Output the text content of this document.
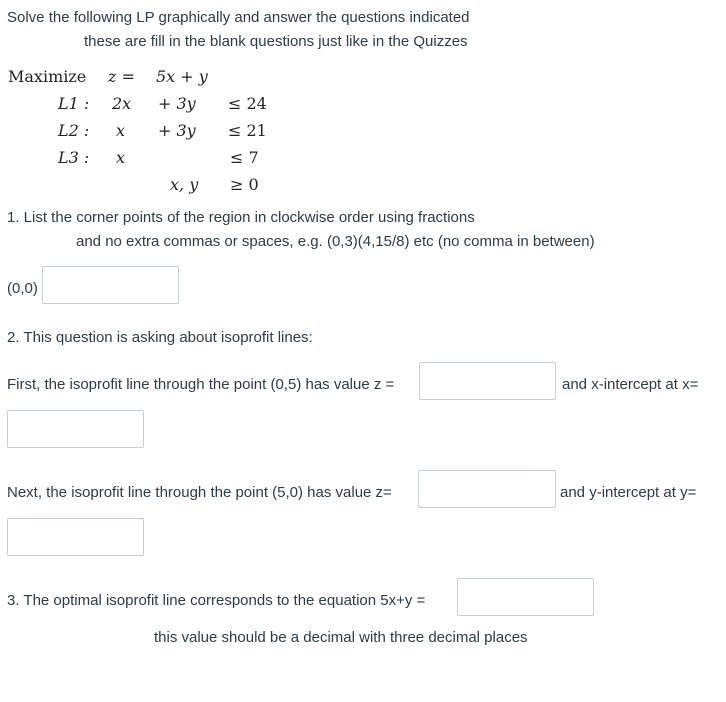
Solve the following LP graphically and answer the questions indicated
these are fill in the blank questions just like in the Quizzes
Maximize z = 5x + y
L1 : 2x + 3y ≤ 24
L2 : x + 3y ≤ 21
L3 : x	≤ 7
x, y ≥ 0
1. List the corner points of the region in clockwise order using fractions
and no extra commas or spaces, e.g. (0,3)(4,15/8) etc (no comma in between)
(0,0)
2. This question is asking about isoprofit lines:
First, the isoprofit line through the point (0,5) has value z =	and x-intercept at x=
Next, the isoprofit line through the point (5,0) has value z=	and y-intercept at y=
3. The optimal isoprofit line corresponds to the equation 5x+y =
this value should be a decimal with three decimal places
